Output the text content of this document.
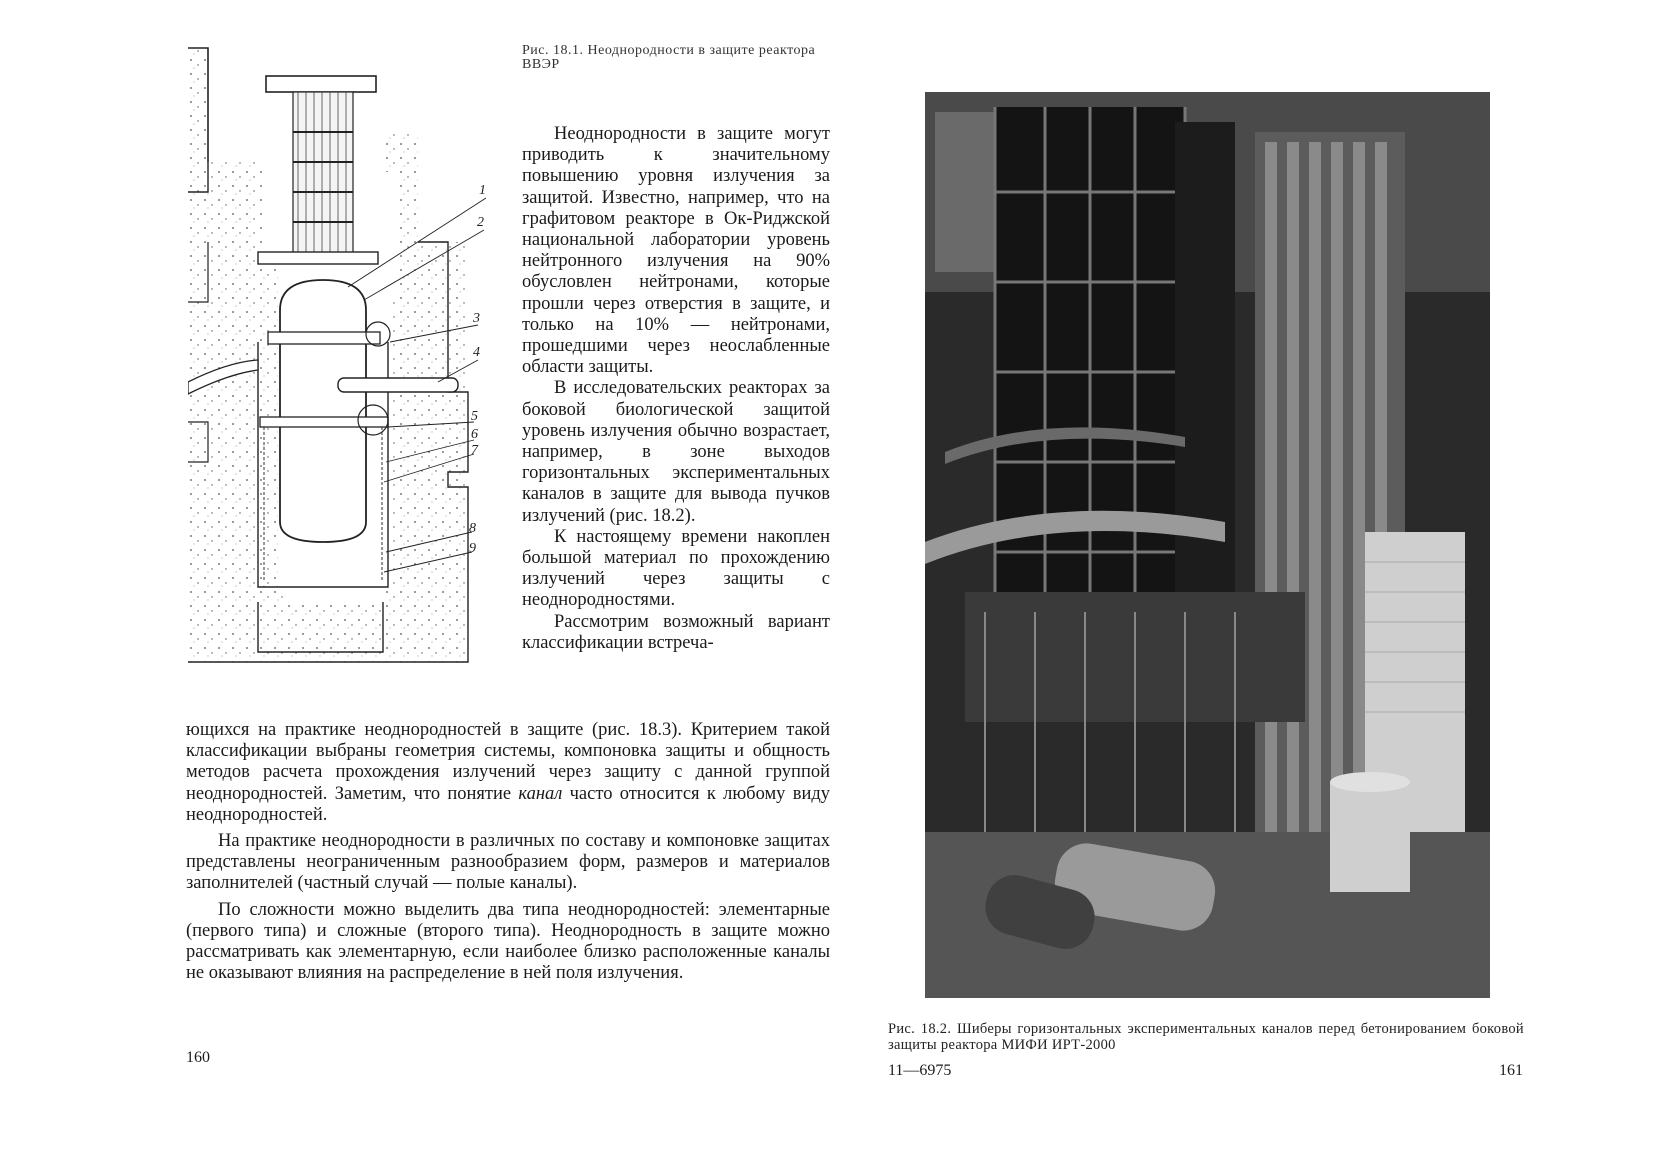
1
2
3
4
5
6
7
8
9
Рис. 18.1. Неоднородности в защите реактора ВВЭР

Неоднородности в защите могут приводить к значительному повышению уровня излучения за защитой. Известно, например, что на графитовом реакторе в Ок-Риджской национальной лаборатории уровень нейтронного излучения на 90% обусловлен нейтронами, которые прошли через отверстия в защите, и только на 10% — нейтронами, прошедшими через неослабленные области защиты.

В исследовательских реакторах за боковой биологической защитой уровень излучения обычно возрастает, например, в зоне выходов горизонтальных экспериментальных каналов в защите для вывода пучков излучений (рис. 18.2).

К настоящему времени накоплен большой материал по прохождению излучений через защиты с неоднородностями.

Рассмотрим возможный вариант классификации встреча-

ющихся на практике неоднородностей в защите (рис. 18.3). Критерием такой классификации выбраны геометрия системы, компоновка защиты и общность методов расчета прохождения излучений через защиту с данной группой неоднородностей. Заметим, что понятие канал часто относится к любому виду неоднородностей.

На практике неоднородности в различных по составу и компоновке защитах представлены неограниченным разнообразием форм, размеров и материалов заполнителей (частный случай — полые каналы).

По сложности можно выделить два типа неоднородностей: элементарные (первого типа) и сложные (второго типа). Неоднородность в защите можно рассматривать как элементарную, если наиболее близко расположенные каналы не оказывают влияния на распределение в ней поля излучения.

160
Рис. 18.2. Шиберы горизонтальных экспериментальных каналов перед бетонированием боковой защиты реактора МИФИ ИРТ-2000
11—6975	161
